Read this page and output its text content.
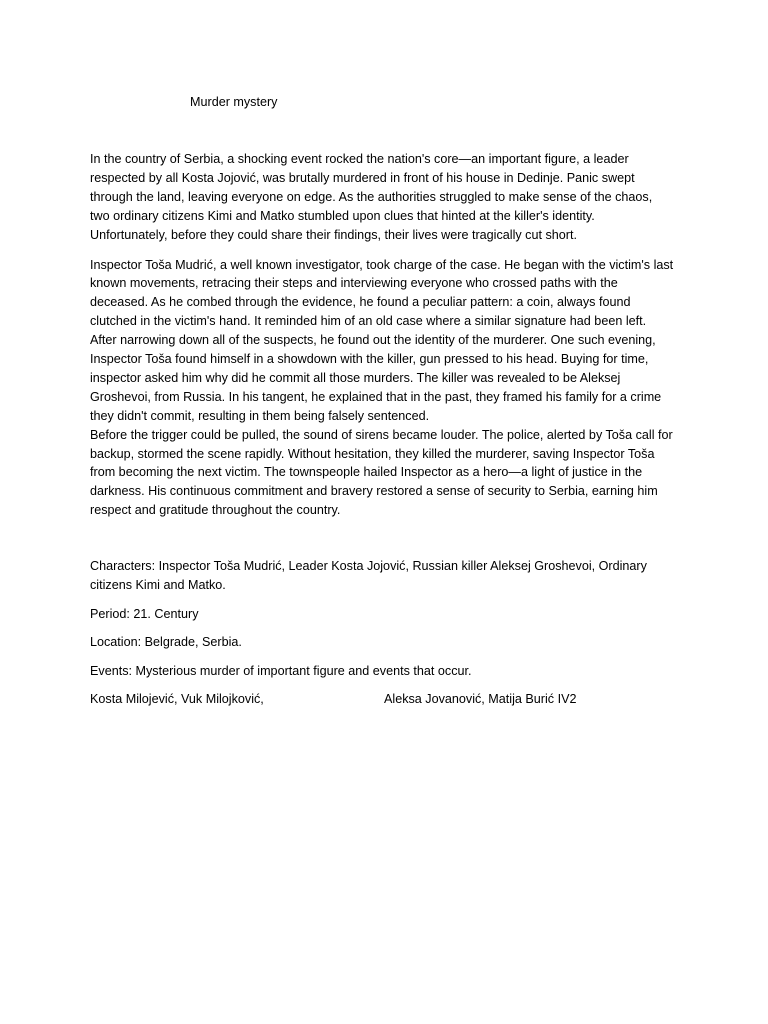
Murder mystery
In the country of Serbia, a shocking event rocked the nation's core—an important figure, a leader
respected by all Kosta Jojović, was brutally murdered in front of his house in Dedinje. Panic swept
through the land, leaving everyone on edge. As the authorities struggled to make sense of the chaos,
two ordinary citizens Kimi and Matko stumbled upon clues that hinted at the killer's identity.
Unfortunately, before they could share their findings, their lives were tragically cut short.
Inspector Toša Mudrić, a well known investigator, took charge of the case. He began with the victim's last
known movements, retracing their steps and interviewing everyone who crossed paths with the
deceased. As he combed through the evidence, he found a peculiar pattern: a coin, always found
clutched in the victim's hand. It reminded him of an old case where a similar signature had been left.
After narrowing down all of the suspects, he found out the identity of the murderer. One such evening,
Inspector Toša found himself in a showdown with the killer, gun pressed to his head. Buying for time,
inspector asked him why did he commit all those murders. The killer was revealed to be Aleksej
Groshevoi, from Russia. In his tangent, he explained that in the past, they framed his family for a crime
they didn't commit, resulting in them being falsely sentenced.
Before the trigger could be pulled, the sound of sirens became louder. The police, alerted by Toša call for
backup, stormed the scene rapidly. Without hesitation, they killed the murderer, saving Inspector Toša
from becoming the next victim. The townspeople hailed Inspector as a hero—a light of justice in the
darkness. His continuous commitment and bravery restored a sense of security to Serbia, earning him
respect and gratitude throughout the country.
Characters: Inspector Toša Mudrić, Leader Kosta Jojović, Russian killer Aleksej Groshevoi, Ordinary
citizens Kimi and Matko.
Period: 21. Century
Location: Belgrade, Serbia.
Events: Mysterious murder of important figure and events that occur.
Kosta Milojević, Vuk Milojković,	Aleksa Jovanović, Matija Burić IV2
